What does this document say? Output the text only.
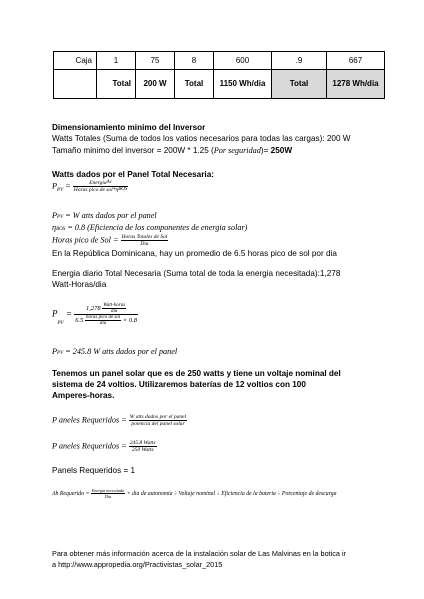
Caja	1	75	8	600	.9	667
	Total	200 W	Total	1150 Wh/dia	Total	1278 Wh/dia
Dimensionamiento minimo del Inversor
Watts Totales (Suma de todos los vatios necesarios para todas las cargas): 200 W
Tamaño minimo del inversor = 200W * 1.25 (Por seguridad)= 250W
Watts dados por el Panel Total Necesaria:
PPV = $\frac{\text{EnergiaAc}}{\text{Horas pico de sol*ηBOS}}$
PPV = W atts dados por el panel
ηBOS = 0.8 (Eficiencia de los componentes de energia solar)
Horas pico de Sol = $\frac{\text{Horas Totales de Sol}}{\text{Dia}}$
En la República Dominicana, hay un promedio de 6.5 horas pico de sol por dia
Energia diario Total Necesaria (Suma total de toda la energia necesitada):1,278
Watt-Horas/dia
PPV = $\frac{1,278 \frac{\text{Watt-horas}}{\text{dia}}}{6.5 \frac{\text{horas pico de sol}}{\text{dia}} \times 0.8}$
PPV = 245.8 W atts dados por el panel
Tenemos un panel solar que es de 250 watts y tiene un voltaje nominal del
sistema de 24 voltios. Utilizaremos baterías de 12 voltios con 100
Amperes-horas.
P aneles Requeridos = $\frac{\text{W atts dados por el panel}}{\text{potencia del panel solar}}$
P aneles Requeridos = $\frac{\text{245.8 Watts}}{\text{250 Watts}}$
Panels Requeridos = 1
Ah Requerido = $\frac{\text{Energia necesitada}}{\text{Dia}}$ × dia de autonomia ÷ Voltaje nominal ÷ Eficiencia de la bateria ÷ Porcentaje de descarga
Para obtener más información acerca de la instalación solar de Las Malvinas en la botica ir
a http://www.appropedia.org/Practivistas_solar_2015
